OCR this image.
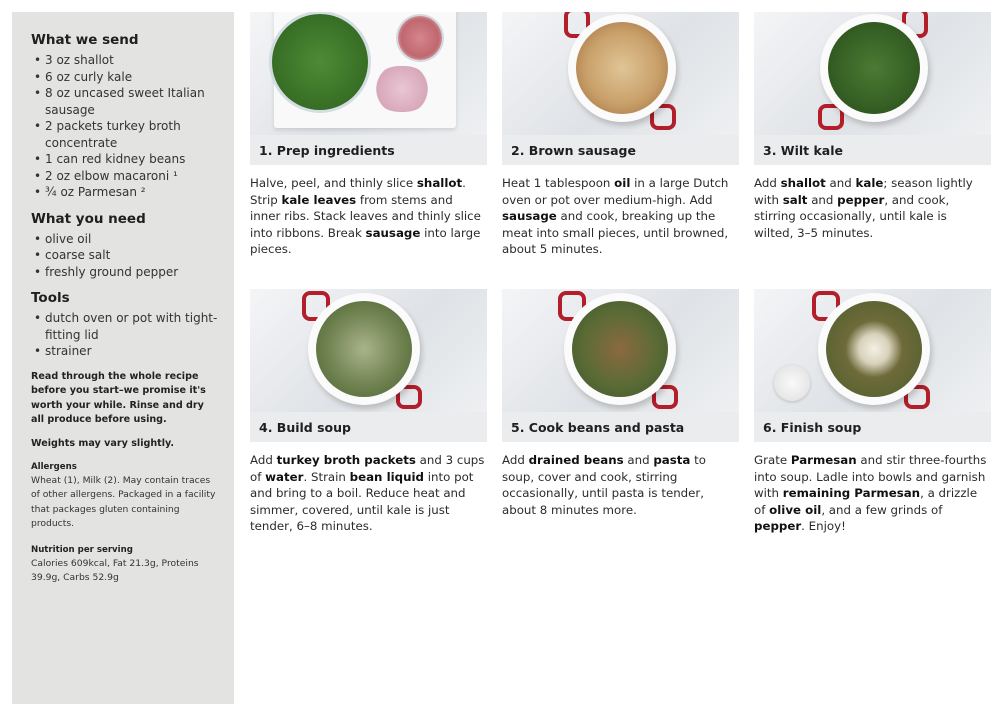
What we send
• 3 oz shallot
• 6 oz curly kale
• 8 oz uncased sweet Italian sausage
• 2 packets turkey broth concentrate
• 1 can red kidney beans
• 2 oz elbow macaroni ¹
• ¾ oz Parmesan ²
What you need
• olive oil
• coarse salt
• freshly ground pepper
Tools
• dutch oven or pot with tight-fitting lid
• strainer
Read through the whole recipe before you start–we promise it's worth your while. Rinse and dry all produce before using.
Weights may vary slightly.
Allergens
Wheat (1), Milk (2). May contain traces of other allergens. Packaged in a facility that packages gluten containing products.
Nutrition per serving
Calories 609kcal, Fat 21.3g, Proteins 39.9g, Carbs 52.9g
1. Prep ingredients
Halve, peel, and thinly slice shallot. Strip kale leaves from stems and inner ribs. Stack leaves and thinly slice into ribbons. Break sausage into large pieces.
2. Brown sausage
Heat 1 tablespoon oil in a large Dutch oven or pot over medium-high. Add sausage and cook, breaking up the meat into small pieces, until browned, about 5 minutes.
3. Wilt kale
Add shallot and kale; season lightly with salt and pepper, and cook, stirring occasionally, until kale is wilted, 3–5 minutes.
4. Build soup
Add turkey broth packets and 3 cups of water. Strain bean liquid into pot and bring to a boil. Reduce heat and simmer, covered, until kale is just tender, 6–8 minutes.
5. Cook beans and pasta
Add drained beans and pasta to soup, cover and cook, stirring occasionally, until pasta is tender, about 8 minutes more.
6. Finish soup
Grate Parmesan and stir three-fourths into soup. Ladle into bowls and garnish with remaining Parmesan, a drizzle of olive oil, and a few grinds of pepper. Enjoy!
